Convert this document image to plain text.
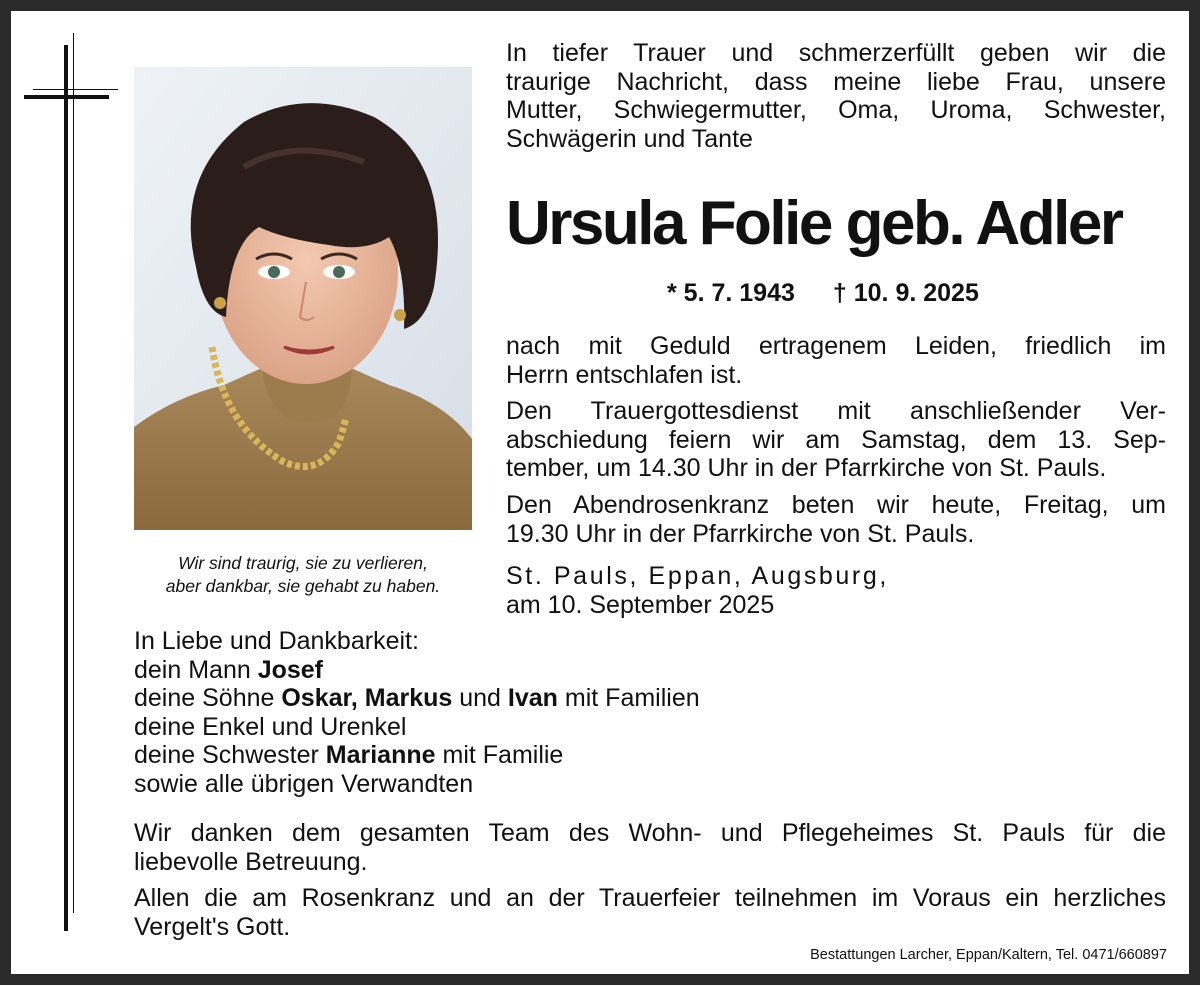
Wir sind traurig, sie zu verlieren,
aber dankbar, sie gehabt zu haben.
In tiefer Trauer und schmerzerfüllt geben wir die
traurige Nachricht, dass meine liebe Frau, unsere
Mutter, Schwiegermutter, Oma, Uroma, Schwester,
Schwägerin und Tante
Ursula Folie geb. Adler
* 5. 7. 1943 † 10. 9. 2025
nach mit Geduld ertragenem Leiden, friedlich im
Herrn entschlafen ist.
Den Trauergottesdienst mit anschließender Ver-
abschiedung feiern wir am Samstag, dem 13. Sep-
tember, um 14.30 Uhr in der Pfarrkirche von St. Pauls.
Den Abendrosenkranz beten wir heute, Freitag, um
19.30 Uhr in der Pfarrkirche von St. Pauls.
St. Pauls, Eppan, Augsburg,
am 10. September 2025
In Liebe und Dankbarkeit:
dein Mann Josef
deine Söhne Oskar, Markus und Ivan mit Familien
deine Enkel und Urenkel
deine Schwester Marianne mit Familie
sowie alle übrigen Verwandten
Wir danken dem gesamten Team des Wohn- und Pflegeheimes St. Pauls für die
liebevolle Betreuung.
Allen die am Rosenkranz und an der Trauerfeier teilnehmen im Voraus ein herzliches
Vergelt's Gott.
Bestattungen Larcher, Eppan/Kaltern, Tel. 0471/660897
